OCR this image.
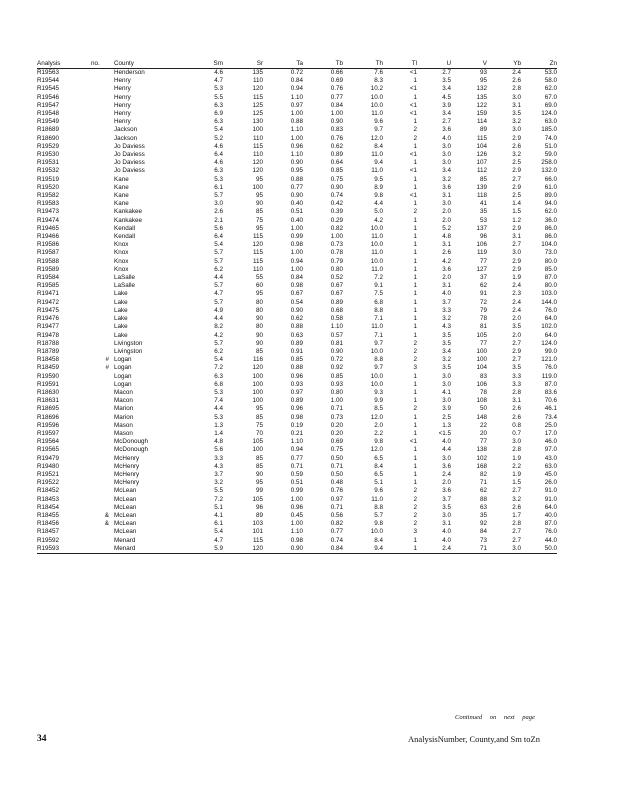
Analysis	no.	County	Sm	Sr	Ta	Tb	Th	Tl	U	V	Yb	Zn
R19563		Henderson	4.6	135	0.72	0.66	7.6	<1	2.7	93	2.4	53.0
R19544		Henry	4.7	110	0.84	0.69	8.3	1	3.5	95	2.6	58.0
R19545		Henry	5.3	120	0.94	0.76	10.2	<1	3.4	132	2.8	62.0
R19546		Henry	5.5	115	1.10	0.77	10.0	1	4.5	135	3.0	67.0
R19547		Henry	6.3	125	0.97	0.84	10.0	<1	3.9	122	3.1	69.0
R19548		Henry	6.9	125	1.00	1.00	11.0	<1	3.4	159	3.5	124.0
R19549		Henry	6.3	130	0.88	0.90	9.6	1	2.7	114	3.2	63.0
R18689		Jackson	5.4	100	1.10	0.83	9.7	2	3.6	89	3.0	185.0
R18690		Jackson	5.2	110	1.00	0.76	12.0	2	4.0	115	2.9	74.0
R19529		Jo Daviess	4.6	115	0.96	0.62	8.4	1	3.0	104	2.6	51.0
R19530		Jo Daviess	6.4	110	1.10	0.89	11.0	<1	3.0	126	3.2	59.0
R19531		Jo Daviess	4.6	120	0.90	0.64	9.4	1	3.0	107	2.5	258.0
R19532		Jo Daviess	6.3	120	0.95	0.85	11.0	<1	3.4	112	2.9	132.0
R19519		Kane	5.3	95	0.88	0.75	9.5	1	3.2	85	2.7	66.0
R19520		Kane	6.1	100	0.77	0.90	8.9	1	3.6	139	2.9	61.0
R19582		Kane	5.7	95	0.90	0.74	9.8	<1	3.1	118	2.5	89.0
R19583		Kane	3.0	90	0.40	0.42	4.4	1	3.0	41	1.4	94.0
R19473		Kankakee	2.6	85	0.51	0.39	5.0	2	2.0	35	1.5	62.0
R19474		Kankakee	2.1	75	0.40	0.29	4.2	1	2.0	53	1.2	36.0
R19465		Kendall	5.6	95	1.00	0.82	10.0	1	5.2	137	2.9	86.0
R19466		Kendall	6.4	115	0.99	1.00	11.0	1	4.8	96	3.1	86.0
R19586		Knox	5.4	120	0.98	0.73	10.0	1	3.1	106	2.7	104.0
R19587		Knox	5.7	115	1.00	0.78	11.0	1	2.6	119	3.0	73.0
R19588		Knox	5.7	115	0.94	0.79	10.0	1	4.2	77	2.9	80.0
R19589		Knox	6.2	110	1.00	0.80	11.0	1	3.6	127	2.9	85.0
R19584		LaSalle	4.4	55	0.84	0.52	7.2	1	2.0	37	1.9	87.0
R19585		LaSalle	5.7	60	0.98	0.67	9.1	1	3.1	62	2.4	80.0
R19471		Lake	4.7	95	0.67	0.67	7.5	1	4.0	91	2.3	103.0
R19472		Lake	5.7	80	0.54	0.89	6.8	1	3.7	72	2.4	144.0
R19475		Lake	4.9	80	0.90	0.68	8.8	1	3.3	79	2.4	76.0
R19476		Lake	4.4	90	0.62	0.58	7.1	1	3.2	78	2.0	64.0
R19477		Lake	8.2	80	0.88	1.10	11.0	1	4.3	81	3.5	102.0
R19478		Lake	4.2	90	0.63	0.57	7.1	1	3.5	105	2.0	64.0
R18788		Livingston	5.7	90	0.89	0.81	9.7	2	3.5	77	2.7	124.0
R18789		Livingston	6.2	85	0.91	0.90	10.0	2	3.4	100	2.9	99.0
R18458	#	Logan	5.4	116	0.85	0.72	8.8	2	3.2	100	2.7	121.0
R18459	#	Logan	7.2	120	0.88	0.92	9.7	3	3.5	104	3.5	76.0
R19590		Logan	6.3	100	0.96	0.85	10.0	1	3.0	83	3.3	119.0
R19591		Logan	6.8	100	0.93	0.93	10.0	1	3.0	106	3.3	87.0
R18630		Macon	5.3	100	0.97	0.80	9.3	1	4.1	78	2.8	83.6
R18631		Macon	7.4	100	0.89	1.00	9.9	1	3.0	108	3.1	70.6
R18695		Marion	4.4	95	0.96	0.71	8.5	2	3.9	50	2.6	46.1
R18696		Marion	5.3	85	0.98	0.73	12.0	1	2.5	148	2.6	73.4
R19596		Mason	1.3	75	0.19	0.20	2.0	1	1.3	22	0.8	25.0
R19597		Mason	1.4	70	0.21	0.20	2.2	1	<1.5	20	0.7	17.0
R19564		McDonough	4.8	105	1.10	0.69	9.8	<1	4.0	77	3.0	46.0
R19565		McDonough	5.6	100	0.94	0.75	12.0	1	4.4	138	2.8	97.0
R19479		McHenry	3.3	85	0.77	0.50	6.5	1	3.0	102	1.9	43.0
R19480		McHenry	4.3	85	0.71	0.71	8.4	1	3.6	168	2.2	63.0
R19521		McHenry	3.7	90	0.59	0.50	6.5	1	2.4	82	1.9	45.0
R19522		McHenry	3.2	95	0.51	0.48	5.1	1	2.0	71	1.5	26.0
R18452		McLean	5.5	99	0.99	0.76	9.6	2	3.6	62	2.7	91.0
R18453		McLean	7.2	105	1.00	0.97	11.0	2	3.7	88	3.2	91.0
R18454		McLean	5.1	96	0.96	0.71	8.8	2	3.5	63	2.6	64.0
R18455	&	McLean	4.1	89	0.45	0.56	5.7	2	3.0	35	1.7	40.0
R18456	&	McLean	6.1	103	1.00	0.82	9.8	2	3.1	92	2.8	87.0
R18457		McLean	5.4	101	1.10	0.77	10.0	3	4.0	84	2.7	76.0
R19592		Menard	4.7	115	0.98	0.74	8.4	1	4.0	73	2.7	44.0
R19593		Menard	5.9	120	0.90	0.84	9.4	1	2.4	71	3.0	50.0
Continued on next page
34	AnalysisNumber, County,and Sm toZn
